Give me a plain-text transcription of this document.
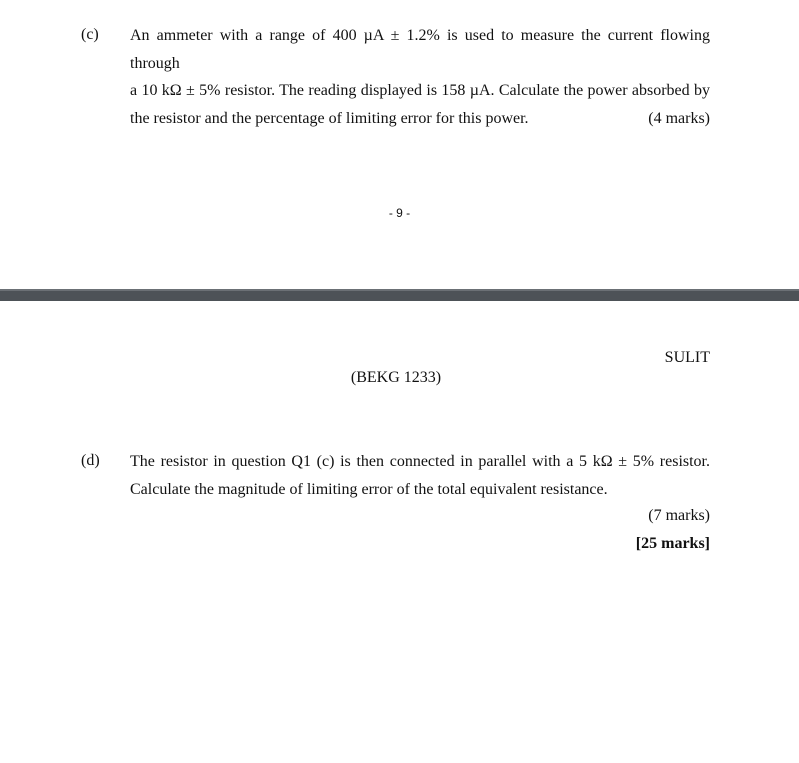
(c) An ammeter with a range of 400 µA ± 1.2% is used to measure the current flowing through
a 10 kΩ ± 5% resistor. The reading displayed is 158 µA. Calculate the power absorbed by
the resistor and the percentage of limiting error for this power.	(4 marks)
- 9 -
SULIT
(BEKG 1233)
(d) The resistor in question Q1 (c) is then connected in parallel with a 5 kΩ ± 5% resistor.
Calculate the magnitude of limiting error of the total equivalent resistance.

(7 marks)
[25 marks]
